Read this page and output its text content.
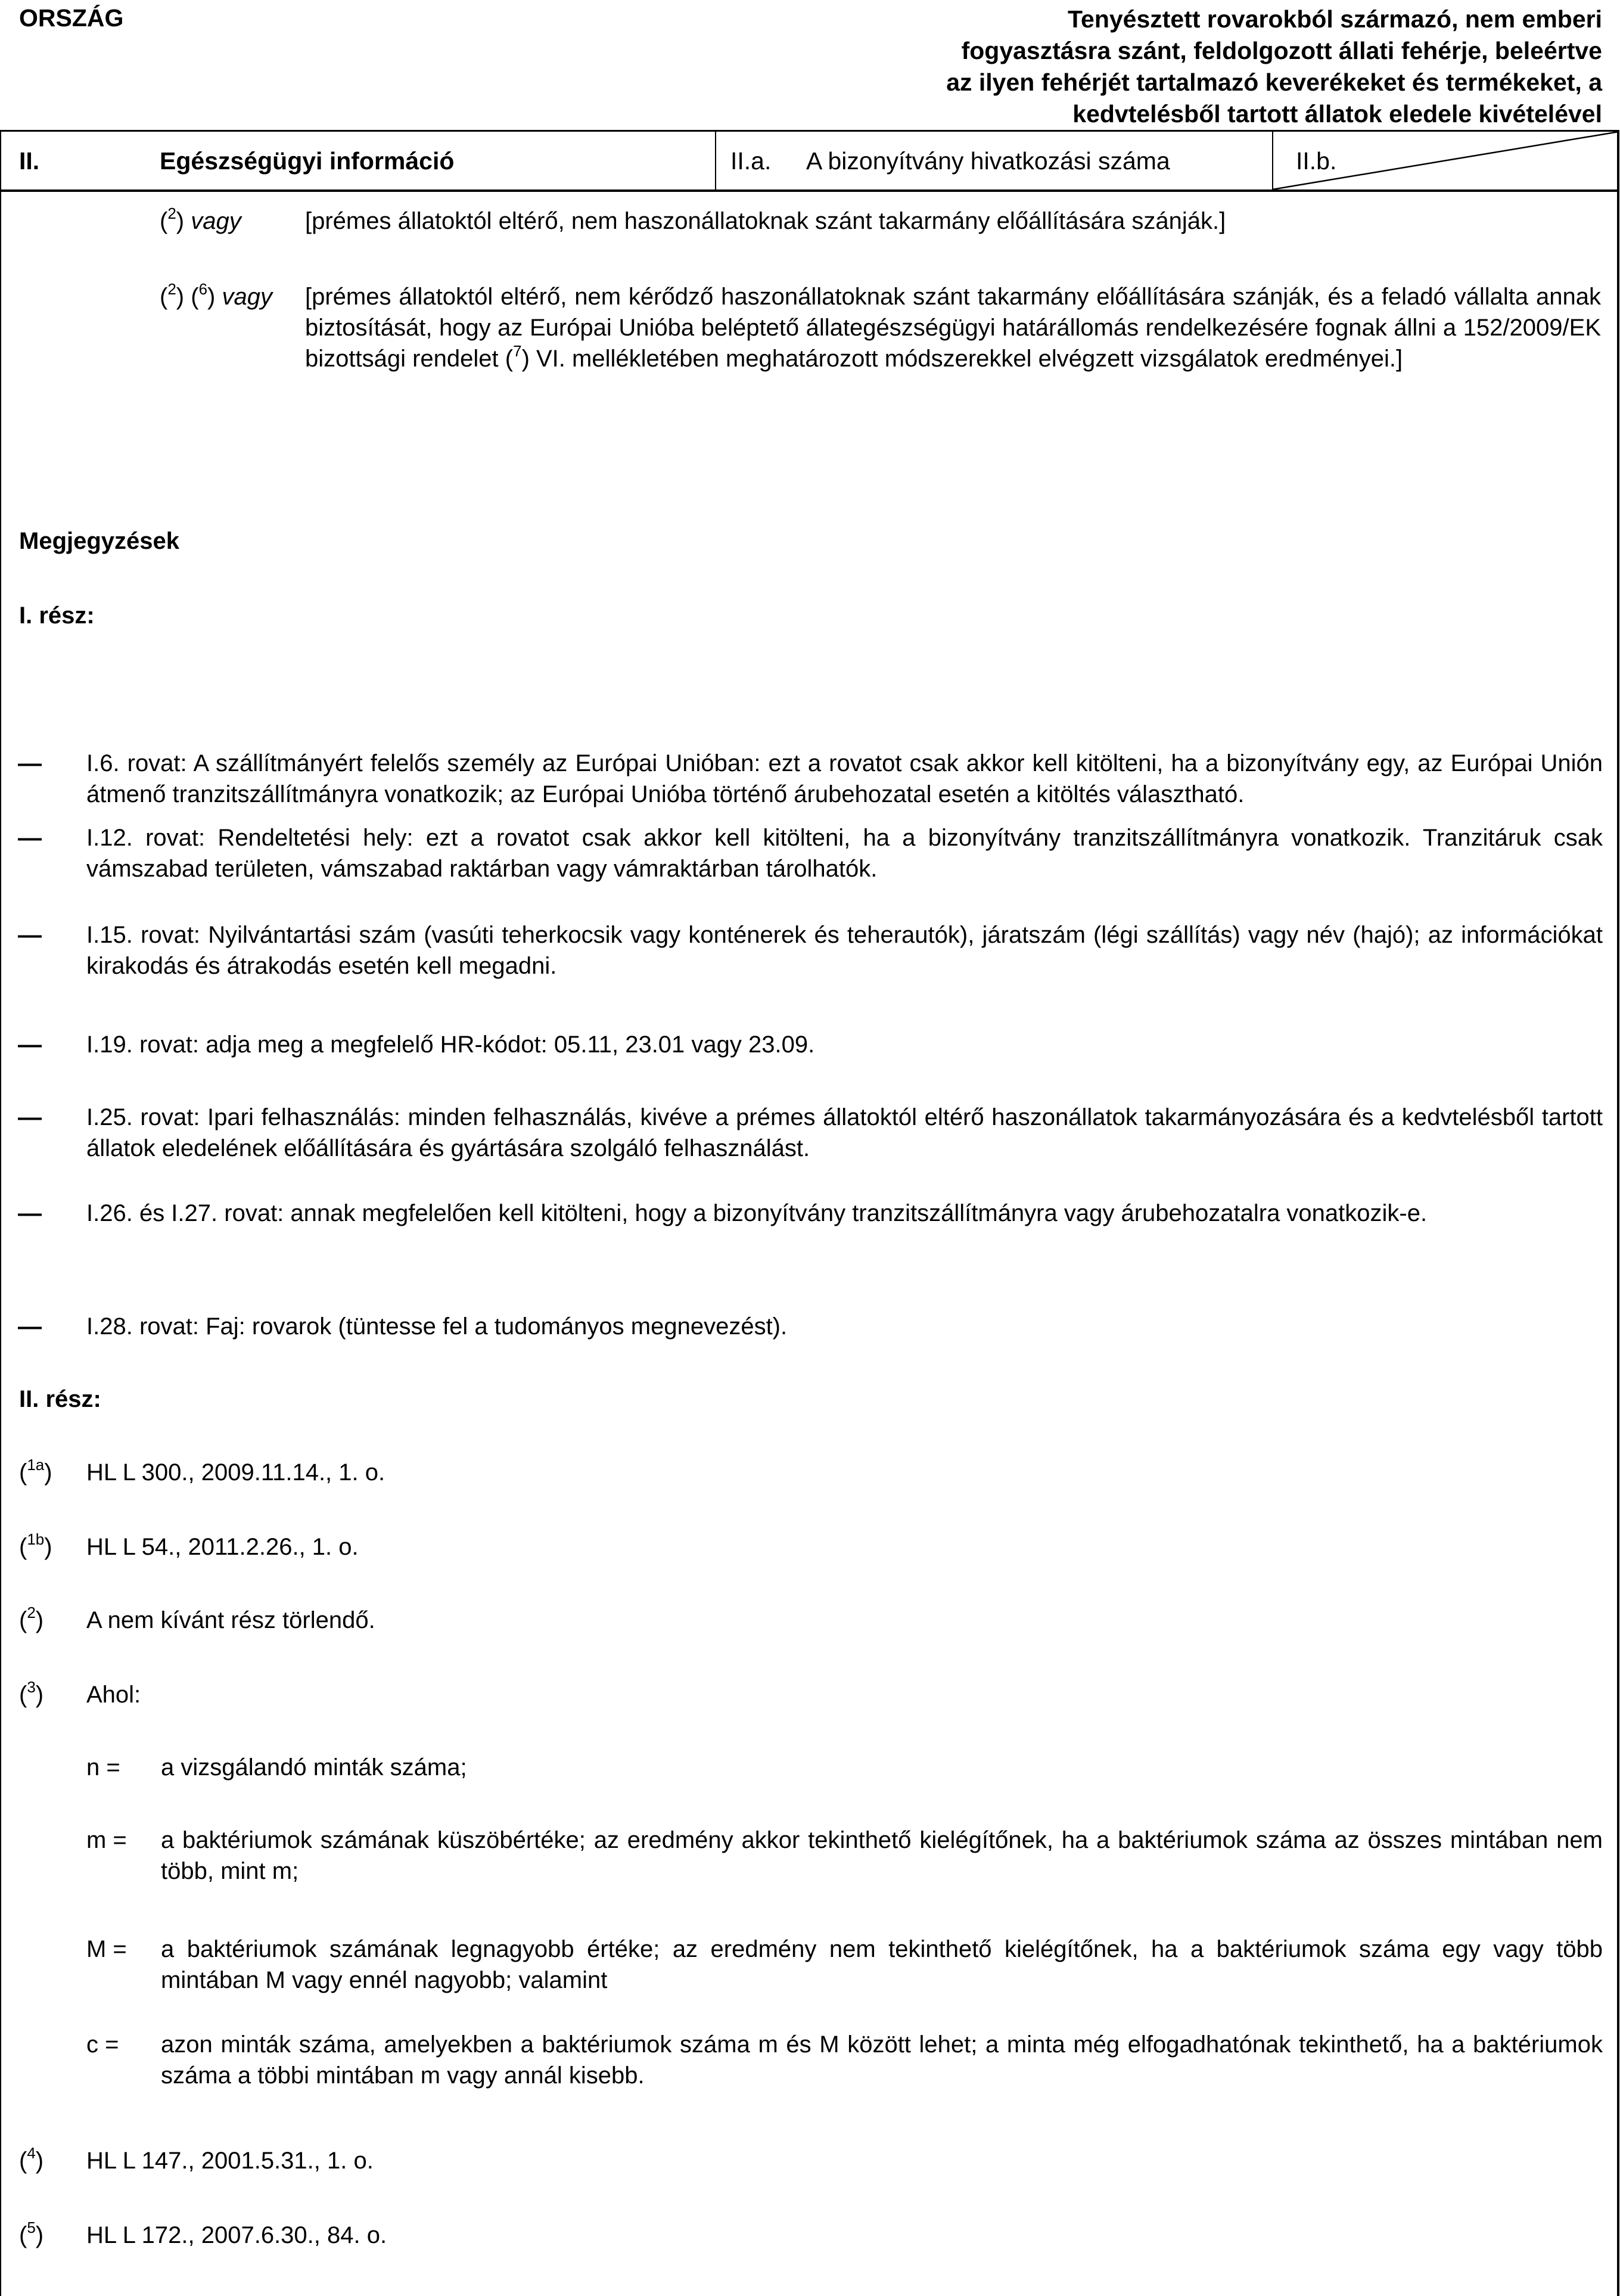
ORSZÁG	Tenyésztett rovarokból származó, nem emberi
fogyasztásra szánt, feldolgozott állati fehérje, beleértve
az ilyen fehérjét tartalmazó keverékeket és termékeket, a
kedvtelésből tartott állatok eledele kivételével
II.	Egészségügyi információ	II.a. A bizonyítvány hivatkozási száma	II.b.
($^2$) vagy	[prémes állatoktól eltérő, nem haszonállatoknak szánt takarmány előállítására szánják.]
($^2$) ($^6$) vagy	[prémes állatoktól eltérő, nem kérődző haszonállatoknak szánt takarmány előállítására szánják, és a feladó vállalta annak biztosítását, hogy az Európai Unióba beléptető állategészségügyi határállomás rendelkezésére fognak állni a 152/2009/EK bizottsági rendelet ($^7$) VI. mellékletében meghatározott módszerekkel elvégzett vizsgálatok eredményei.]
Megjegyzések
I. rész:
— I.6. rovat: A szállítmányért felelős személy az Európai Unióban: ezt a rovatot csak akkor kell kitölteni, ha a bizonyítvány egy, az Európai Unión átmenő tranzitszállítmányra vonatkozik; az Európai Unióba történő árubehozatal esetén a kitöltés választható.
— I.12. rovat: Rendeltetési hely: ezt a rovatot csak akkor kell kitölteni, ha a bizonyítvány tranzitszállítmányra vonatkozik. Tranzitáruk csak vámszabad területen, vámszabad raktárban vagy vámraktárban tárolhatók.
— I.15. rovat: Nyilvántartási szám (vasúti teherkocsik vagy konténerek és teherautók), járatszám (légi szállítás) vagy név (hajó); az információkat kirakodás és átrakodás esetén kell megadni.
— I.19. rovat: adja meg a megfelelő HR-kódot: 05.11, 23.01 vagy 23.09.
— I.25. rovat: Ipari felhasználás: minden felhasználás, kivéve a prémes állatoktól eltérő haszonállatok takarmányozására és a kedvtelésből tartott állatok eledelének előállítására és gyártására szolgáló felhasználást.
— I.26. és I.27. rovat: annak megfelelően kell kitölteni, hogy a bizonyítvány tranzitszállítmányra vagy árubehozatalra vonatkozik-e.
— I.28. rovat: Faj: rovarok (tüntesse fel a tudományos megnevezést).
II. rész:
($^{1a}$) HL L 300., 2009.11.14., 1. o.
($^{1b}$) HL L 54., 2011.2.26., 1. o.
($^2$) A nem kívánt rész törlendő.
($^3$) Ahol:
n = a vizsgálandó minták száma;
m = a baktériumok számának küszöbértéke; az eredmény akkor tekinthető kielégítőnek, ha a baktériumok száma az összes mintában nem több, mint m;
M = a baktériumok számának legnagyobb értéke; az eredmény nem tekinthető kielégítőnek, ha a baktériumok száma egy vagy több mintában M vagy ennél nagyobb; valamint
c = azon minták száma, amelyekben a baktériumok száma m és M között lehet; a minta még elfogadhatónak tekinthető, ha a baktériumok száma a többi mintában m vagy annál kisebb.
($^4$) HL L 147., 2001.5.31., 1. o.
($^5$) HL L 172., 2007.6.30., 84. o.
